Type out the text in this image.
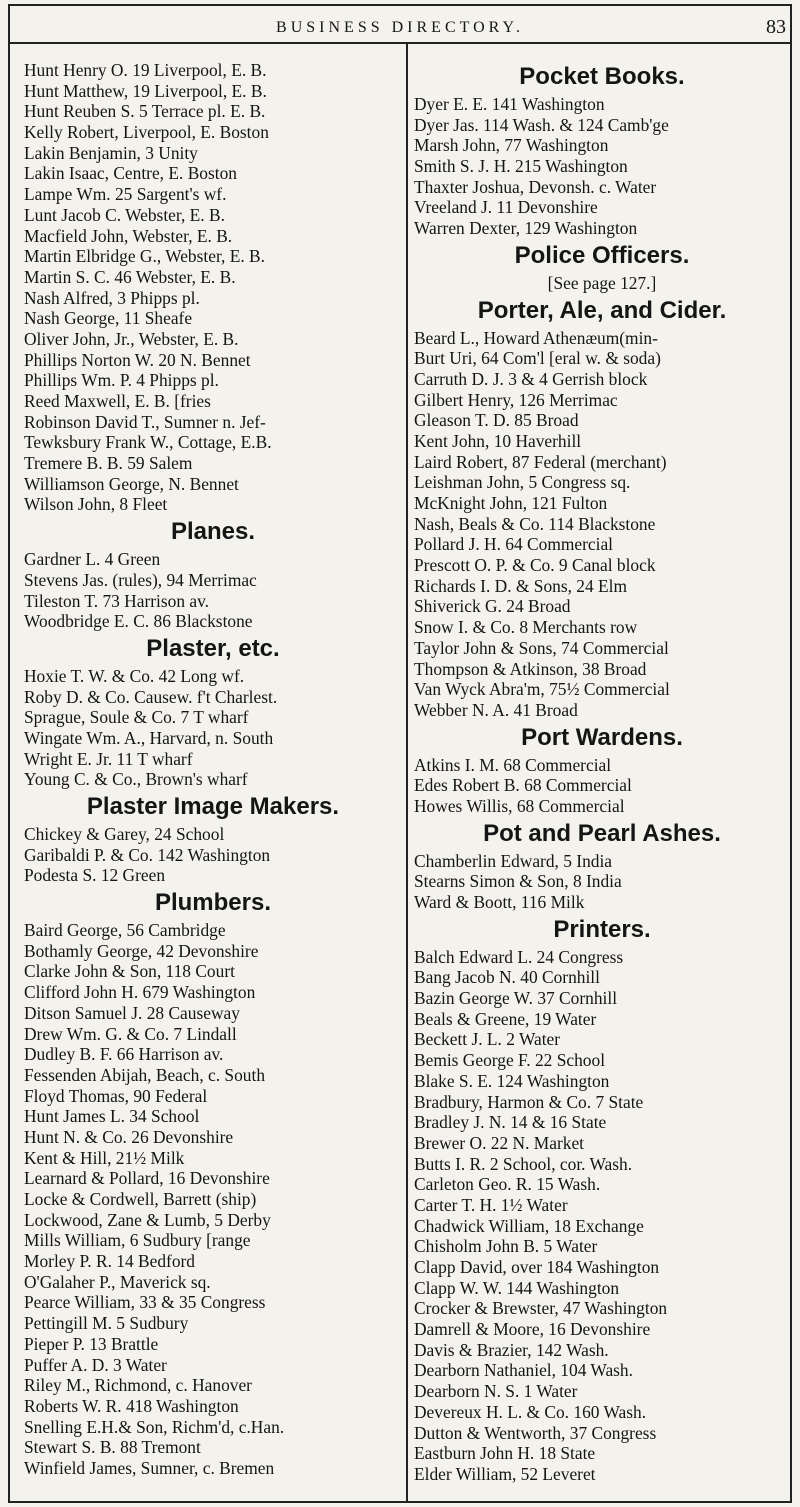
BUSINESS DIRECTORY.	83
Hunt Henry O. 19 Liverpool, E. B.
Hunt Matthew, 19 Liverpool, E. B.
Hunt Reuben S. 5 Terrace pl. E. B.
Kelly Robert, Liverpool, E. Boston
Lakin Benjamin, 3 Unity
Lakin Isaac, Centre, E. Boston
Lampe Wm. 25 Sargent's wf.
Lunt Jacob C. Webster, E. B.
Macfield John, Webster, E. B.
Martin Elbridge G., Webster, E. B.
Martin S. C. 46 Webster, E. B.
Nash Alfred, 3 Phipps pl.
Nash George, 11 Sheafe
Oliver John, Jr., Webster, E. B.
Phillips Norton W. 20 N. Bennet
Phillips Wm. P. 4 Phipps pl.
Reed Maxwell, E. B. [fries
Robinson David T., Sumner n. Jef-
Tewksbury Frank W., Cottage, E.B.
Tremere B. B. 59 Salem
Williamson George, N. Bennet
Wilson John, 8 Fleet
Planes.
Gardner L. 4 Green
Stevens Jas. (rules), 94 Merrimac
Tileston T. 73 Harrison av.
Woodbridge E. C. 86 Blackstone
Plaster, etc.
Hoxie T. W. & Co. 42 Long wf.
Roby D. & Co. Causew. f't Charlest.
Sprague, Soule & Co. 7 T wharf
Wingate Wm. A., Harvard, n. South
Wright E. Jr. 11 T wharf
Young C. & Co., Brown's wharf
Plaster Image Makers.
Chickey & Garey, 24 School
Garibaldi P. & Co. 142 Washington
Podesta S. 12 Green
Plumbers.
Baird George, 56 Cambridge
Bothamly George, 42 Devonshire
Clarke John & Son, 118 Court
Clifford John H. 679 Washington
Ditson Samuel J. 28 Causeway
Drew Wm. G. & Co. 7 Lindall
Dudley B. F. 66 Harrison av.
Fessenden Abijah, Beach, c. South
Floyd Thomas, 90 Federal
Hunt James L. 34 School
Hunt N. & Co. 26 Devonshire
Kent & Hill, 21½ Milk
Learnard & Pollard, 16 Devonshire
Locke & Cordwell, Barrett (ship)
Lockwood, Zane & Lumb, 5 Derby
Mills William, 6 Sudbury [range
Morley P. R. 14 Bedford
O'Galaher P., Maverick sq.
Pearce William, 33 & 35 Congress
Pettingill M. 5 Sudbury
Pieper P. 13 Brattle
Puffer A. D. 3 Water
Riley M., Richmond, c. Hanover
Roberts W. R. 418 Washington
Snelling E.H.& Son, Richm'd, c.Han.
Stewart S. B. 88 Tremont
Winfield James, Sumner, c. Bremen
Pocket Books.
Dyer E. E. 141 Washington
Dyer Jas. 114 Wash. & 124 Camb'ge
Marsh John, 77 Washington
Smith S. J. H. 215 Washington
Thaxter Joshua, Devonsh. c. Water
Vreeland J. 11 Devonshire
Warren Dexter, 129 Washington
Police Officers.
[See page 127.]
Porter, Ale, and Cider.
Beard L., Howard Athenæum(min-
Burt Uri, 64 Com'l [eral w. & soda)
Carruth D. J. 3 & 4 Gerrish block
Gilbert Henry, 126 Merrimac
Gleason T. D. 85 Broad
Kent John, 10 Haverhill
Laird Robert, 87 Federal (merchant)
Leishman John, 5 Congress sq.
McKnight John, 121 Fulton
Nash, Beals & Co. 114 Blackstone
Pollard J. H. 64 Commercial
Prescott O. P. & Co. 9 Canal block
Richards I. D. & Sons, 24 Elm
Shiverick G. 24 Broad
Snow I. & Co. 8 Merchants row
Taylor John & Sons, 74 Commercial
Thompson & Atkinson, 38 Broad
Van Wyck Abra'm, 75½ Commercial
Webber N. A. 41 Broad
Port Wardens.
Atkins I. M. 68 Commercial
Edes Robert B. 68 Commercial
Howes Willis, 68 Commercial
Pot and Pearl Ashes.
Chamberlin Edward, 5 India
Stearns Simon & Son, 8 India
Ward & Boott, 116 Milk
Printers.
Balch Edward L. 24 Congress
Bang Jacob N. 40 Cornhill
Bazin George W. 37 Cornhill
Beals & Greene, 19 Water
Beckett J. L. 2 Water
Bemis George F. 22 School
Blake S. E. 124 Washington
Bradbury, Harmon & Co. 7 State
Bradley J. N. 14 & 16 State
Brewer O. 22 N. Market
Butts I. R. 2 School, cor. Wash.
Carleton Geo. R. 15 Wash.
Carter T. H. 1½ Water
Chadwick William, 18 Exchange
Chisholm John B. 5 Water
Clapp David, over 184 Washington
Clapp W. W. 144 Washington
Crocker & Brewster, 47 Washington
Damrell & Moore, 16 Devonshire
Davis & Brazier, 142 Wash.
Dearborn Nathaniel, 104 Wash.
Dearborn N. S. 1 Water
Devereux H. L. & Co. 160 Wash.
Dutton & Wentworth, 37 Congress
Eastburn John H. 18 State
Elder William, 52 Leveret
